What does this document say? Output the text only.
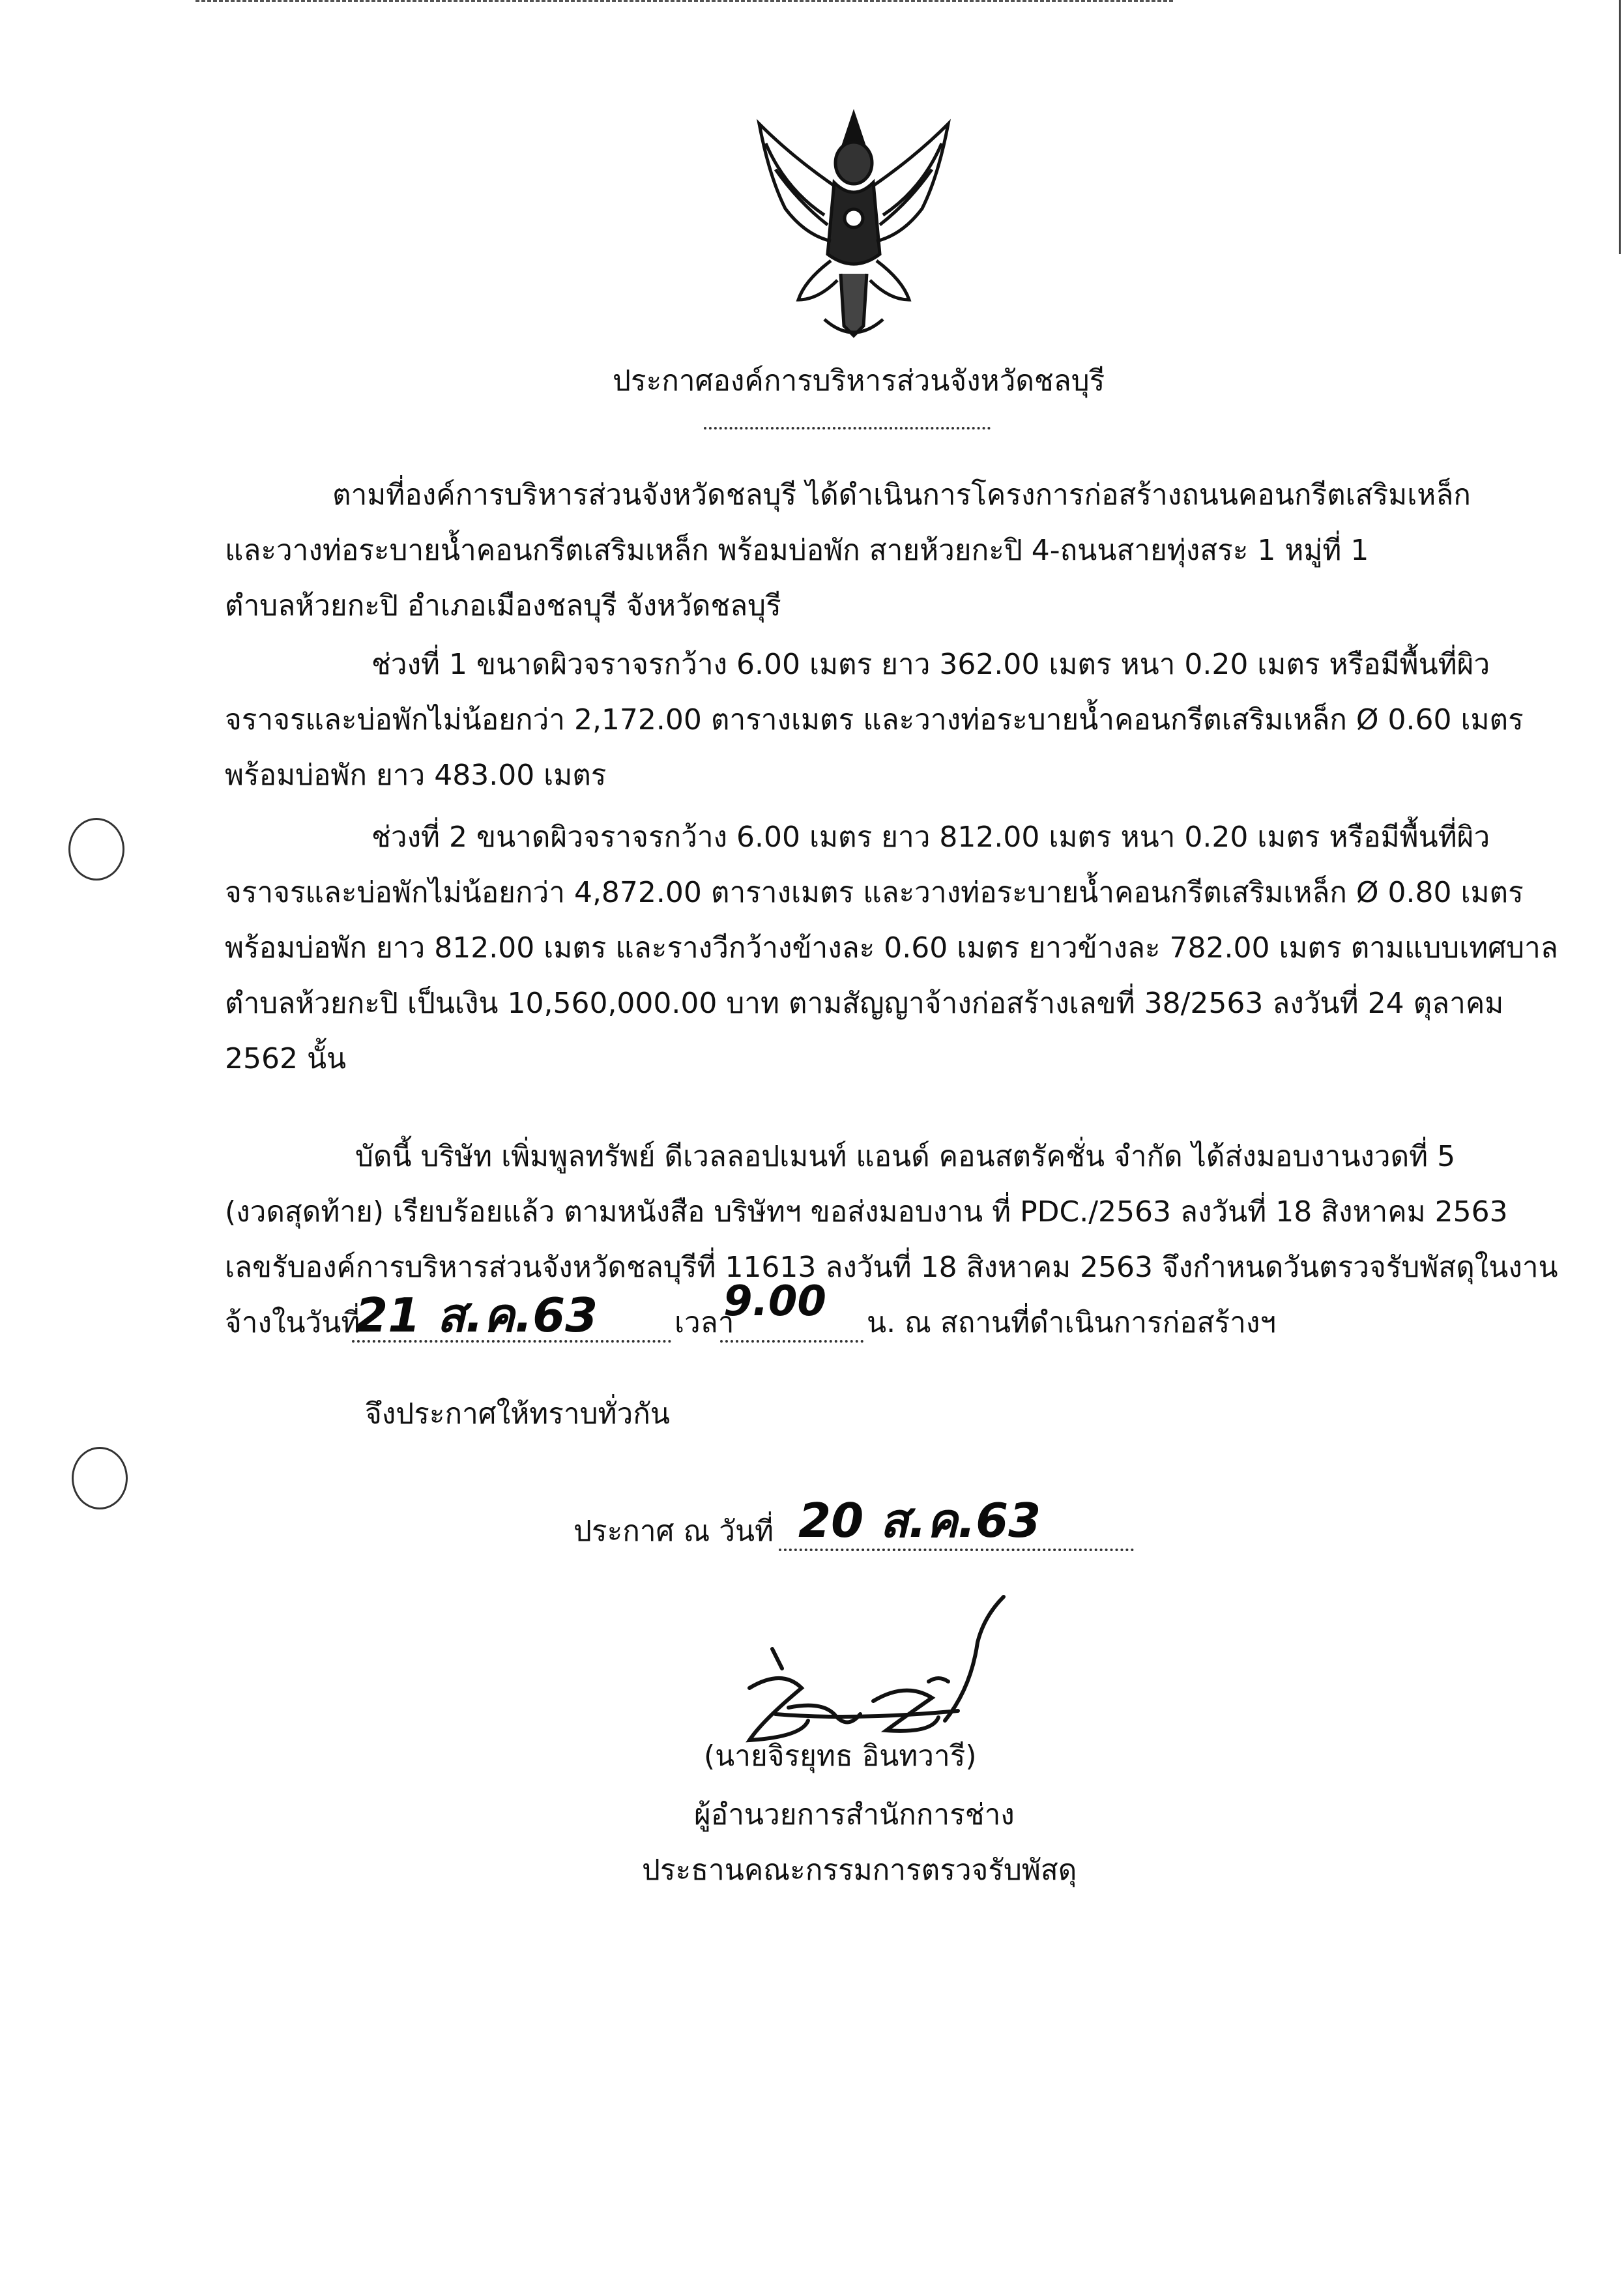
ประกาศองค์การบริหารส่วนจังหวัดชลบุรี
ตามที่องค์การบริหารส่วนจังหวัดชลบุรี ได้ดำเนินการโครงการก่อสร้างถนนคอนกรีตเสริมเหล็ก
และวางท่อระบายน้ำคอนกรีตเสริมเหล็ก พร้อมบ่อพัก สายห้วยกะปิ 4-ถนนสายทุ่งสระ 1 หมู่ที่ 1
ตำบลห้วยกะปิ อำเภอเมืองชลบุรี จังหวัดชลบุรี
ช่วงที่ 1 ขนาดผิวจราจรกว้าง 6.00 เมตร ยาว 362.00 เมตร หนา 0.20 เมตร หรือมีพื้นที่ผิว
จราจรและบ่อพักไม่น้อยกว่า 2,172.00 ตารางเมตร และวางท่อระบายน้ำคอนกรีตเสริมเหล็ก Ø 0.60 เมตร
พร้อมบ่อพัก ยาว 483.00 เมตร
ช่วงที่ 2 ขนาดผิวจราจรกว้าง 6.00 เมตร ยาว 812.00 เมตร หนา 0.20 เมตร หรือมีพื้นที่ผิว
จราจรและบ่อพักไม่น้อยกว่า 4,872.00 ตารางเมตร และวางท่อระบายน้ำคอนกรีตเสริมเหล็ก Ø 0.80 เมตร
พร้อมบ่อพัก ยาว 812.00 เมตร และรางวีกว้างข้างละ 0.60 เมตร ยาวข้างละ 782.00 เมตร ตามแบบเทศบาล
ตำบลห้วยกะปิ เป็นเงิน 10,560,000.00 บาท ตามสัญญาจ้างก่อสร้างเลขที่ 38/2563 ลงวันที่ 24 ตุลาคม
2562 นั้น
บัดนี้ บริษัท เพิ่มพูลทรัพย์ ดีเวลลอปเมนท์ แอนด์ คอนสตรัคชั่น จำกัด ได้ส่งมอบงานงวดที่ 5
(งวดสุดท้าย) เรียบร้อยแล้ว ตามหนังสือ บริษัทฯ ขอส่งมอบงาน ที่ PDC./2563 ลงวันที่ 18 สิงหาคม 2563
เลขรับองค์การบริหารส่วนจังหวัดชลบุรีที่ 11613 ลงวันที่ 18 สิงหาคม 2563 จึงกำหนดวันตรวจรับพัสดุในงาน
จ้างในวันที่
21 ส.ค.63	เวลา
9.00 น. ณ สถานที่ดำเนินการก่อสร้างฯ
จึงประกาศให้ทราบทั่วกัน
ประกาศ ณ วันที่ 20 ส.ค.63
(นายจิรยุทธ อินทวารี)
ผู้อำนวยการสำนักการช่าง
ประธานคณะกรรมการตรวจรับพัสดุ
